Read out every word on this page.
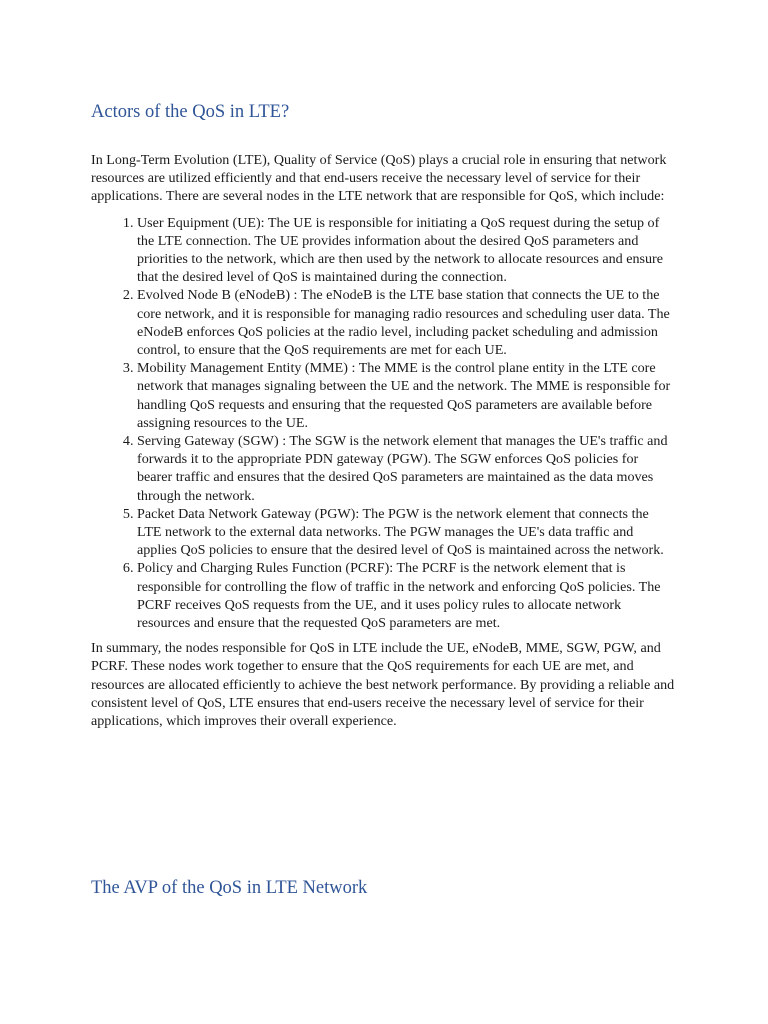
Actors of the QoS in LTE?

In Long-Term Evolution (LTE), Quality of Service (QoS) plays a crucial role in ensuring that network resources are utilized efficiently and that end-users receive the necessary level of service for their applications. There are several nodes in the LTE network that are responsible for QoS, which include:

1. User Equipment (UE): The UE is responsible for initiating a QoS request during the setup of the LTE connection. The UE provides information about the desired QoS parameters and priorities to the network, which are then used by the network to allocate resources and ensure that the desired level of QoS is maintained during the connection.
2. Evolved Node B (eNodeB) : The eNodeB is the LTE base station that connects the UE to the core network, and it is responsible for managing radio resources and scheduling user data. The eNodeB enforces QoS policies at the radio level, including packet scheduling and admission control, to ensure that the QoS requirements are met for each UE.
3. Mobility Management Entity (MME) : The MME is the control plane entity in the LTE core network that manages signaling between the UE and the network. The MME is responsible for handling QoS requests and ensuring that the requested QoS parameters are available before assigning resources to the UE.
4. Serving Gateway (SGW) : The SGW is the network element that manages the UE's traffic and forwards it to the appropriate PDN gateway (PGW). The SGW enforces QoS policies for bearer traffic and ensures that the desired QoS parameters are maintained as the data moves through the network.
5. Packet Data Network Gateway (PGW): The PGW is the network element that connects the LTE network to the external data networks. The PGW manages the UE's data traffic and applies QoS policies to ensure that the desired level of QoS is maintained across the network.
6. Policy and Charging Rules Function (PCRF): The PCRF is the network element that is responsible for controlling the flow of traffic in the network and enforcing QoS policies. The PCRF receives QoS requests from the UE, and it uses policy rules to allocate network resources and ensure that the requested QoS parameters are met.

In summary, the nodes responsible for QoS in LTE include the UE, eNodeB, MME, SGW, PGW, and PCRF. These nodes work together to ensure that the QoS requirements for each UE are met, and resources are allocated efficiently to achieve the best network performance. By providing a reliable and consistent level of QoS, LTE ensures that end-users receive the necessary level of service for their applications, which improves their overall experience.

The AVP of the QoS in LTE Network
